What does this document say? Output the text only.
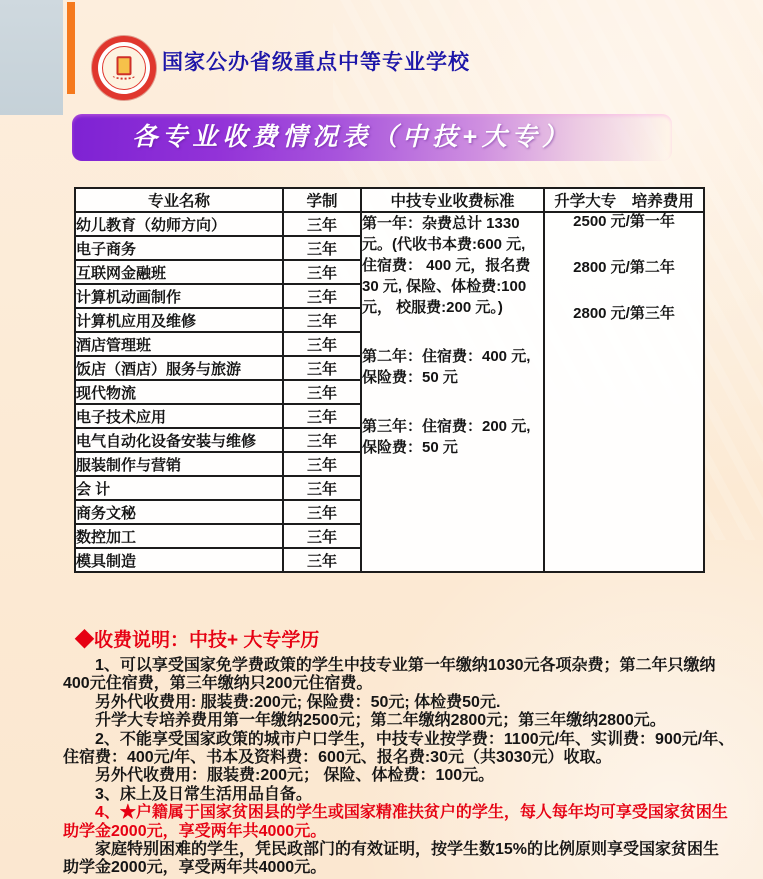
国家公办省级重点中等专业学校
各专业收费情况表（中技+大专）
专业名称	学制	中技专业收费标准	升学大专　培养费用
幼儿教育（幼师方向）	三年	第一年：杂费总计 1330元。(代收书本费:600 元, 住宿费： 400 元，报名费 30 元, 保险、体检费:100 元， 校服费:200 元。)

第二年：住宿费：400 元, 保险费：50 元

第三年：住宿费：200 元, 保险费：50 元

2500 元/第一年
2800 元/第二年
2800 元/第三年

电子商务	三年		
互联网金融班	三年		
计算机动画制作	三年		
计算机应用及维修	三年		
酒店管理班	三年		
饭店（酒店）服务与旅游	三年		
现代物流	三年		
电子技术应用	三年		
电气自动化设备安装与维修	三年		
服装制作与营销	三年		
会 计	三年		
商务文秘	三年		
数控加工	三年		
模具制造	三年		
◆收费说明：中技+ 大专学历
1、可以享受国家免学费政策的学生中技专业第一年缴纳1030元各项杂费；第二年只缴纳
400元住宿费，第三年缴纳只200元住宿费。
另外代收费用: 服装费:200元; 保险费：50元; 体检费50元.
升学大专培养费用第一年缴纳2500元；第二年缴纳2800元；第三年缴纳2800元。
2、不能享受国家政策的城市户口学生，中技专业按学费：1100元/年、实训费：900元/年、
住宿费：400元/年、书本及资料费：600元、报名费:30元（共3030元）收取。
另外代收费用：服装费:200元； 保险、体检费：100元。
3、床上及日常生活用品自备。
4、★户籍属于国家贫困县的学生或国家精准扶贫户的学生，每人每年均可享受国家贫困生
助学金2000元，享受两年共4000元。
家庭特别困难的学生，凭民政部门的有效证明，按学生数15%的比例原则享受国家贫困生
助学金2000元，享受两年共4000元。
